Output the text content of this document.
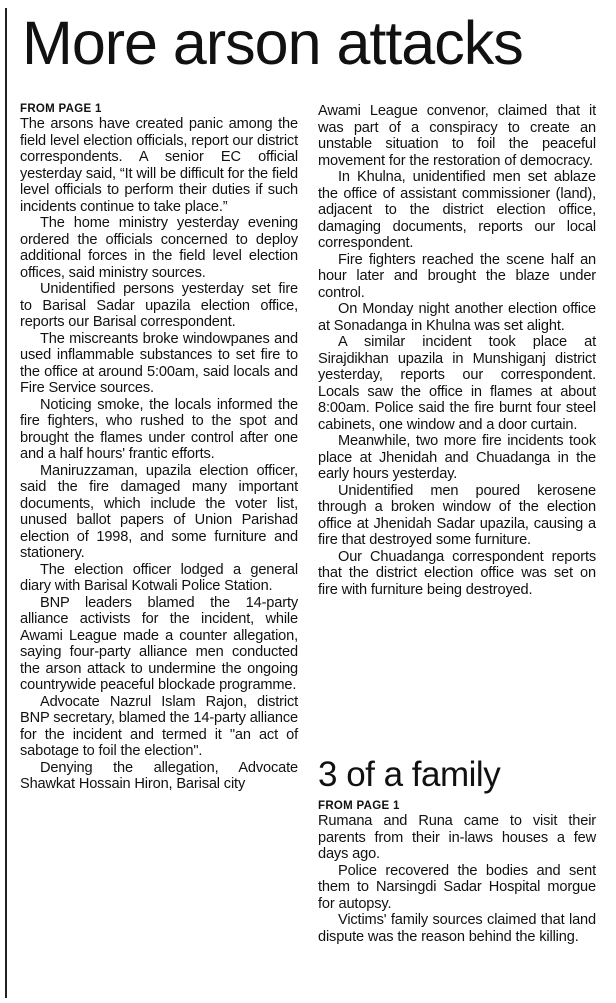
More arson attacks
FROM PAGE 1

The arsons have created panic among the field level election officials, report our district correspondents. A senior EC official yesterday said, “It will be difficult for the field level officials to perform their duties if such incidents continue to take place.”

The home ministry yesterday evening ordered the officials concerned to deploy additional forces in the field level election offices, said ministry sources.

Unidentified persons yesterday set fire to Barisal Sadar upazila election office, reports our Barisal correspondent.

The miscreants broke windowpanes and used inflammable substances to set fire to the office at around 5:00am, said locals and Fire Service sources.

Noticing smoke, the locals informed the fire fighters, who rushed to the spot and brought the flames under control after one and a half hours' frantic efforts.

Maniruzzaman, upazila election officer, said the fire damaged many important documents, which include the voter list, unused ballot papers of Union Parishad election of 1998, and some furniture and stationery.

The election officer lodged a general diary with Barisal Kotwali Police Station.

BNP leaders blamed the 14-party alliance activists for the incident, while Awami League made a counter allegation, saying four-party alliance men conducted the arson attack to undermine the ongoing countrywide peaceful blockade programme.

Advocate Nazrul Islam Rajon, district BNP secretary, blamed the 14-party alliance for the incident and termed it "an act of sabotage to foil the election".

Denying the allegation, Advocate Shawkat Hossain Hiron, Barisal city

Awami League convenor, claimed that it was part of a conspiracy to create an unstable situation to foil the peaceful movement for the restoration of democracy.

In Khulna, unidentified men set ablaze the office of assistant commissioner (land), adjacent to the district election office, damaging documents, reports our local correspondent.

Fire fighters reached the scene half an hour later and brought the blaze under control.

On Monday night another election office at Sonadanga in Khulna was set alight.

A similar incident took place at Sirajdikhan upazila in Munshiganj district yesterday, reports our correspondent. Locals saw the office in flames at about 8:00am. Police said the fire burnt four steel cabinets, one window and a door curtain.

Meanwhile, two more fire incidents took place at Jhenidah and Chuadanga in the early hours yesterday.

Unidentified men poured kerosene through a broken window of the election office at Jhenidah Sadar upazila, causing a fire that destroyed some furniture.

Our Chuadanga correspondent reports that the district election office was set on fire with furniture being destroyed.

3 of a family
FROM PAGE 1

Rumana and Runa came to visit their parents from their in-laws houses a few days ago.

Police recovered the bodies and sent them to Narsingdi Sadar Hospital morgue for autopsy.

Victims' family sources claimed that land dispute was the reason behind the killing.
